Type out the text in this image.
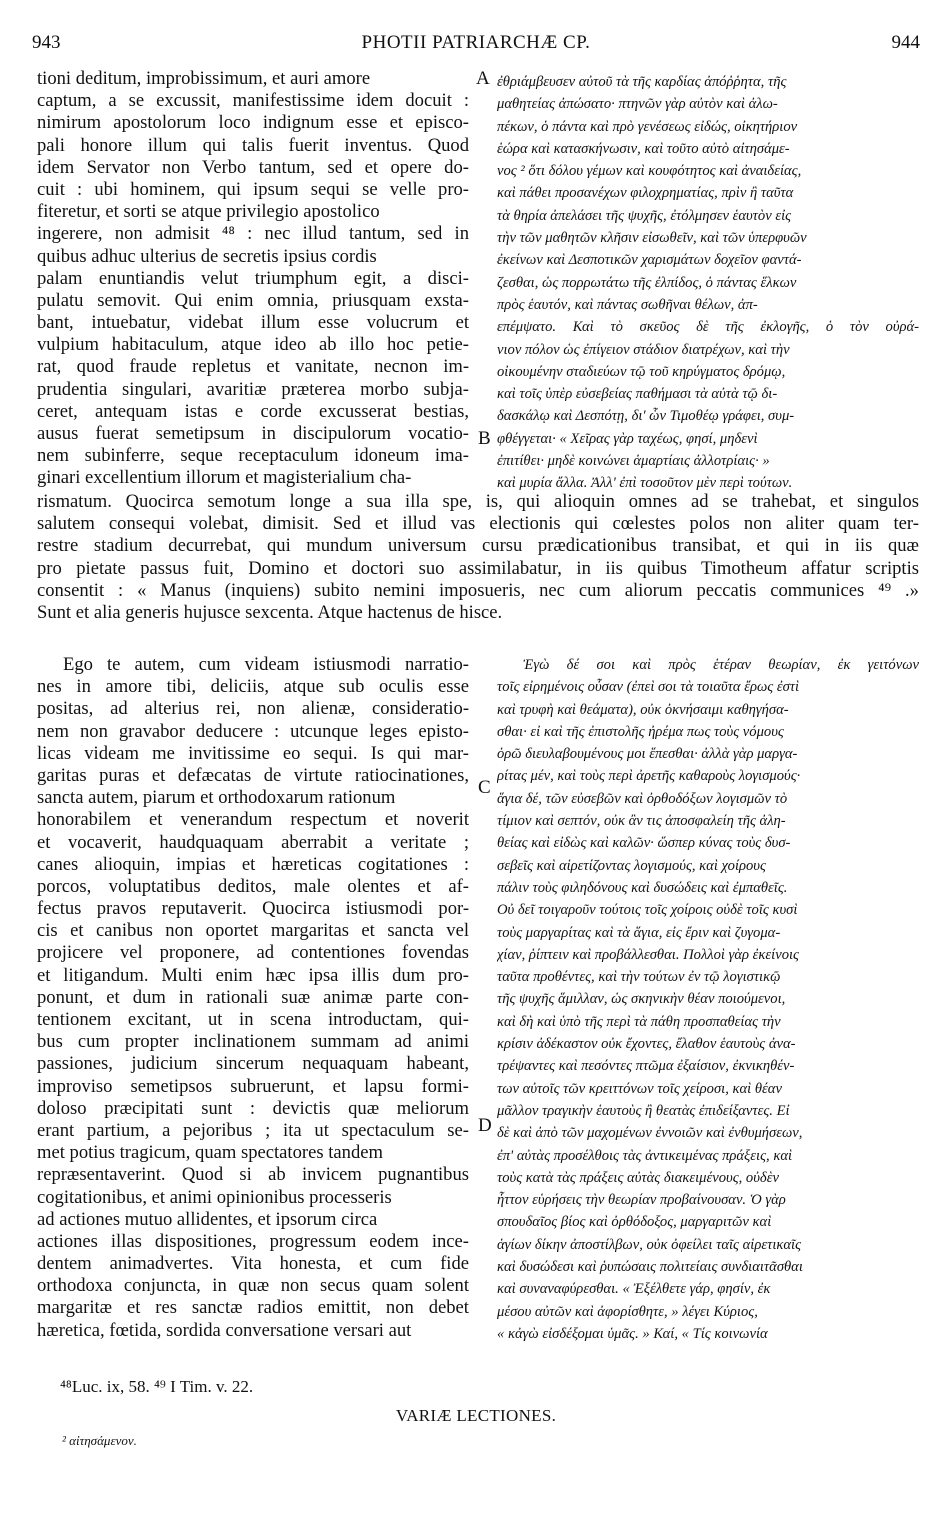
943	PHOTII PATRIARCHÆ CP.	944
tioni deditum, improbissimum, et auri amore
captum, a se excussit, manifestissime idem docuit :
nimirum apostolorum loco indignum esse et episco-
pali honore illum qui talis fuerit inventus. Quod
idem Servator non Verbo tantum, sed et opere do-
cuit : ubi hominem, qui ipsum sequi se velle pro-
fiteretur, et sorti se atque privilegio apostolico
ingerere, non admisit ⁴⁸ : nec illud tantum, sed in
quibus adhuc ulterius de secretis ipsius cordis
palam enuntiandis velut triumphum egit, a disci-
pulatu semovit. Qui enim omnia, priusquam exsta-
bant, intuebatur, videbat illum esse volucrum et
vulpium habitaculum, atque ideo ab illo hoc petie-
rat, quod fraude repletus et vanitate, necnon im-
prudentia singulari, avaritiæ præterea morbo subja-
ceret, antequam istas e corde excusserat bestias,
ausus fuerat semetipsum in discipulorum vocatio-
nem subinferre, seque receptaculum idoneum ima-
ginari excellentium illorum et magisterialium cha-
ἐθριάμβευσεν αὐτοῦ τὰ τῆς καρδίας ἀπόῤῥητα, τῆς
μαθητείας ἀπώσατο· πτηνῶν γὰρ αὐτὸν καὶ ἀλω-
πέκων, ὁ πάντα καὶ πρὸ γενέσεως εἰδώς, οἰκητήριον
ἑώρα καὶ κατασκήνωσιν, καὶ τοῦτο αὐτὸ αἰτησάμε-
νος ² ὅτι δόλου γέμων καὶ κουφότητος καὶ ἀναιδείας,
καὶ πάθει προσανέχων φιλοχρηματίας, πρὶν ἢ ταῦτα
τὰ θηρία ἀπελάσει τῆς ψυχῆς, ἐτόλμησεν ἑαυτὸν εἰς
τὴν τῶν μαθητῶν κλῆσιν εἰσωθεῖν, καὶ τῶν ὑπερφυῶν
ἐκείνων καὶ Δεσποτικῶν χαρισμάτων δοχεῖον φαντά-
ζεσθαι, ὡς πορρωτάτω τῆς ἐλπίδος, ὁ πάντας ἕλκων
πρὸς ἑαυτόν, καὶ πάντας σωθῆναι θέλων, ἀπ-
επέμψατο. Καὶ τὸ σκεῦος δὲ τῆς ἐκλογῆς, ὁ τὸν οὐρά-
νιον πόλον ὡς ἐπίγειον στάδιον διατρέχων, καὶ τὴν
οἰκουμένην σταδιεύων τῷ τοῦ κηρύγματος δρόμῳ,
καὶ τοῖς ὑπὲρ εὐσεβείας παθήμασι τὰ αὐτὰ τῷ δι-
δασκάλῳ καὶ Δεσπότῃ, δι' ὧν Τιμοθέῳ γράφει, συμ-
φθέγγεται· « Χεῖρας γὰρ ταχέως, φησί, μηδενὶ
ἐπιτίθει· μηδὲ κοινώνει ἁμαρτίαις ἀλλοτρίαις· »
καὶ μυρία ἄλλα. Ἀλλ' ἐπὶ τοσοῦτον μὲν περὶ τούτων.
rismatum. Quocirca semotum longe a sua illa spe, is, qui alioquin omnes ad se trahebat, et singulos
salutem consequi volebat, dimisit. Sed et illud vas electionis qui cœlestes polos non aliter quam ter-
restre stadium decurrebat, qui mundum universum cursu prædicationibus transibat, et qui in iis quæ
pro pietate passus fuit, Domino et doctori suo assimilabatur, in iis quibus Timotheum affatur scriptis
consentit : « Manus (inquiens) subito nemini imposueris, nec cum aliorum peccatis communices ⁴⁹ .»
Sunt et alia generis hujusce sexcenta. Atque hactenus de hisce.
Ego te autem, cum videam istiusmodi narratio-
nes in amore tibi, deliciis, atque sub oculis esse
positas, ad alterius rei, non alienæ, consideratio-
nem non gravabor deducere : utcunque leges episto-
licas videam me invitissime eo sequi. Is qui mar-
garitas puras et defæcatas de virtute ratiocinationes,
sancta autem, piarum et orthodoxarum rationum
honorabilem et venerandum respectum et noverit
et vocaverit, haudquaquam aberrabit a veritate ;
canes alioquin, impias et hæreticas cogitationes :
porcos, voluptatibus deditos, male olentes et af-
fectus pravos reputaverit. Quocirca istiusmodi por-
cis et canibus non oportet margaritas et sancta vel
projicere vel proponere, ad contentiones fovendas
et litigandum. Multi enim hæc ipsa illis dum pro-
ponunt, et dum in rationali suæ animæ parte con-
tentionem excitant, ut in scena introductam, qui-
bus cum propter inclinationem summam ad animi
passiones, judicium sincerum nequaquam habeant,
improviso semetipsos subruerunt, et lapsu formi-
doloso præcipitati sunt : devictis quæ meliorum
erant partium, a pejoribus ; ita ut spectaculum se-
met potius tragicum, quam spectatores tandem
repræsentaverint. Quod si ab invicem pugnantibus
cogitationibus, et animi opinionibus processeris
ad actiones mutuo allidentes, et ipsorum circa
actiones illas dispositiones, progressum eodem ince-
dentem animadvertes. Vita honesta, et cum fide
orthodoxa conjuncta, in quæ non secus quam solent
margaritæ et res sanctæ radios emittit, non debet
hæretica, fœtida, sordida conversatione versari aut
Ἐγὼ δέ σοι καὶ πρὸς ἑτέραν θεωρίαν, ἐκ γειτόνων
τοῖς εἰρημένοις οὖσαν (ἐπεὶ σοι τὰ τοιαῦτα ἔρως ἐστὶ
καὶ τρυφὴ καὶ θεάματα), οὐκ ὀκνήσαιμι καθηγήσα-
σθαι· εἰ καὶ τῆς ἐπιστολῆς ἠρέμα πως τοὺς νόμους
ὁρῶ διευλαβουμένους μοι ἕπεσθαι· ἀλλὰ γὰρ μαργα-
ρίτας μέν, καὶ τοὺς περὶ ἀρετῆς καθαροὺς λογισμούς·
ἅγια δέ, τῶν εὐσεβῶν καὶ ὀρθοδόξων λογισμῶν τὸ
τίμιον καὶ σεπτόν, οὐκ ἂν τις ἀποσφαλείη τῆς ἀλη-
θείας καὶ εἰδὼς καὶ καλῶν· ὥσπερ κύνας τοὺς δυσ-
σεβεῖς καὶ αἱρετίζοντας λογισμούς, καὶ χοίρους
πάλιν τοὺς φιληδόνους καὶ δυσώδεις καὶ ἐμπαθεῖς.
Οὐ δεῖ τοιγαροῦν τούτοις τοῖς χοίροις οὐδὲ τοῖς κυσὶ
τοὺς μαργαρίτας καὶ τὰ ἅγια, εἰς ἔριν καὶ ζυγομα-
χίαν, ῥίπτειν καὶ προβάλλεσθαι. Πολλοὶ γὰρ ἐκείνοις
ταῦτα προθέντες, καὶ τὴν τούτων ἐν τῷ λογιστικῷ
τῆς ψυχῆς ἅμιλλαν, ὡς σκηνικὴν θέαν ποιούμενοι,
καὶ δὴ καὶ ὑπὸ τῆς περὶ τὰ πάθη προσπαθείας τὴν
κρίσιν ἀδέκαστον οὐκ ἔχοντες, ἔλαθον ἑαυτοὺς ἀνα-
τρέψαντες καὶ πεσόντες πτῶμα ἐξαίσιον, ἐκνικηθέν-
των αὐτοῖς τῶν κρειττόνων τοῖς χείροσι, καὶ θέαν
μᾶλλον τραγικὴν ἑαυτοὺς ἢ θεατὰς ἐπιδείξαντες. Εἰ
δὲ καὶ ἀπὸ τῶν μαχομένων ἐννοιῶν καὶ ἐνθυμήσεων,
ἐπ' αὐτὰς προσέλθοις τὰς ἀντικειμένας πράξεις, καὶ
τοὺς κατὰ τὰς πράξεις αὐτὰς διακειμένους, οὐδὲν
ἧττον εὑρήσεις τὴν θεωρίαν προβαίνουσαν. Ὁ γὰρ
σπουδαῖος βίος καὶ ὀρθόδοξος, μαργαριτῶν καὶ
ἁγίων δίκην ἀποστίλβων, οὐκ ὀφείλει ταῖς αἱρετικαῖς
καὶ δυσώδεσι καὶ ῥυπώσαις πολιτείαις συνδιαιτᾶσθαι
καὶ συναναφύρεσθαι. « Ἐξέλθετε γάρ, φησίν, ἐκ
μέσου αὐτῶν καὶ ἀφορίσθητε, » λέγει Κύριος,
« κἀγὼ εἰσδέξομαι ὑμᾶς. » Καί, « Τίς κοινωνία
A
B
C
D
⁴⁸Luc. ix, 58. ⁴⁹ I Tim. v. 22.
VARIÆ LECTIONES.
² αἰτησάμενον.
